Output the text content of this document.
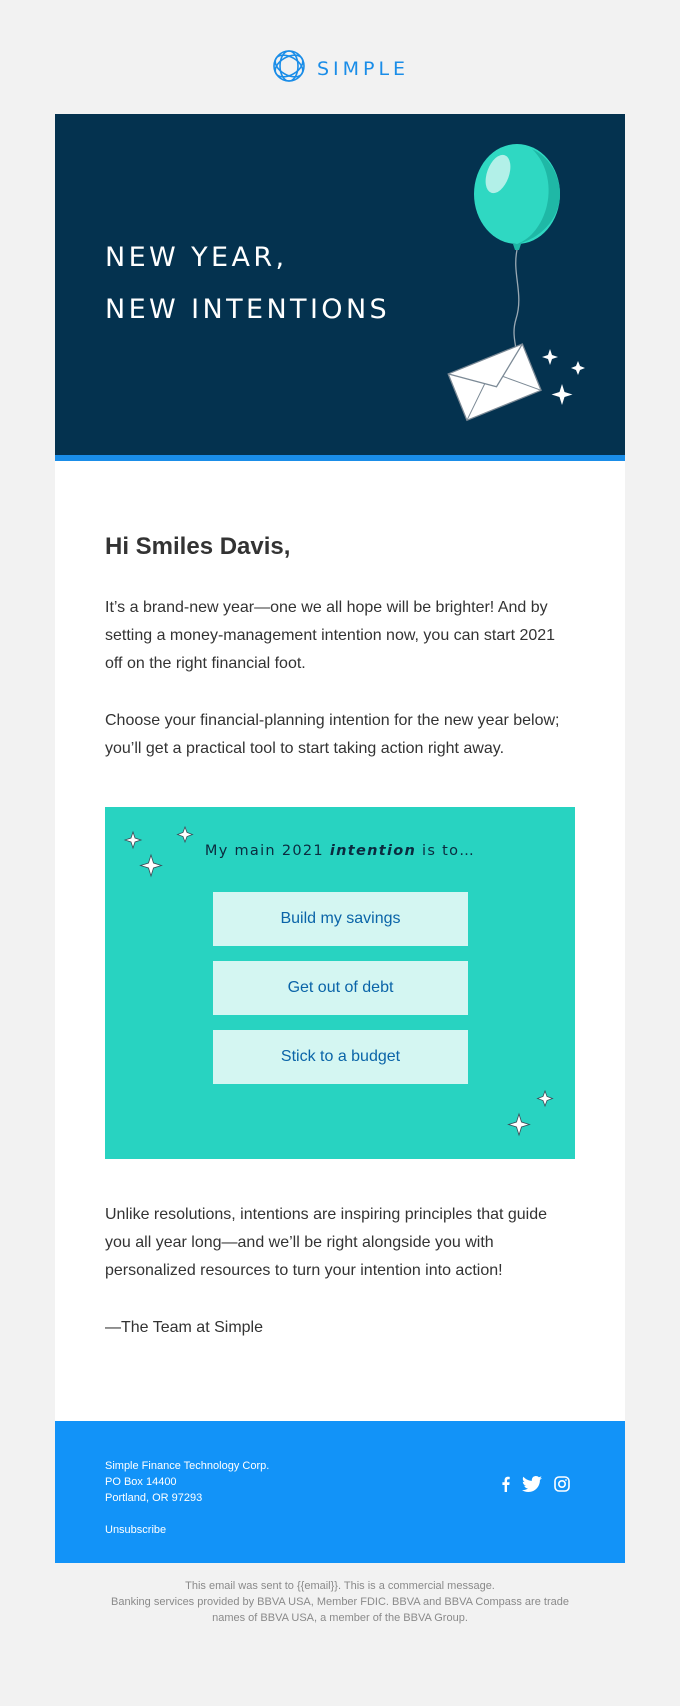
SIMPLE
NEW YEAR,
NEW INTENTIONS
Hi Smiles Davis,

It’s a brand-new year—one we all hope will be brighter! And by setting a money-management intention now, you can start 2021 off on the right financial foot.

Choose your financial-planning intention for the new year below; you’ll get a practical tool to start taking action right away.

My main 2021 intention is to…
Build my savings
Get out of debt
Stick to a budget

Unlike resolutions, intentions are inspiring principles that guide you all year long—and we’ll be right alongside you with personalized resources to turn your intention into action!

—The Team at Simple

Simple Finance Technology Corp.
PO Box 14400
Portland, OR 97293
Unsubscribe
This email was sent to {{email}}. This is a commercial message.
Banking services provided by BBVA USA, Member FDIC. BBVA and BBVA Compass are trade names of BBVA USA, a member of the BBVA Group.
